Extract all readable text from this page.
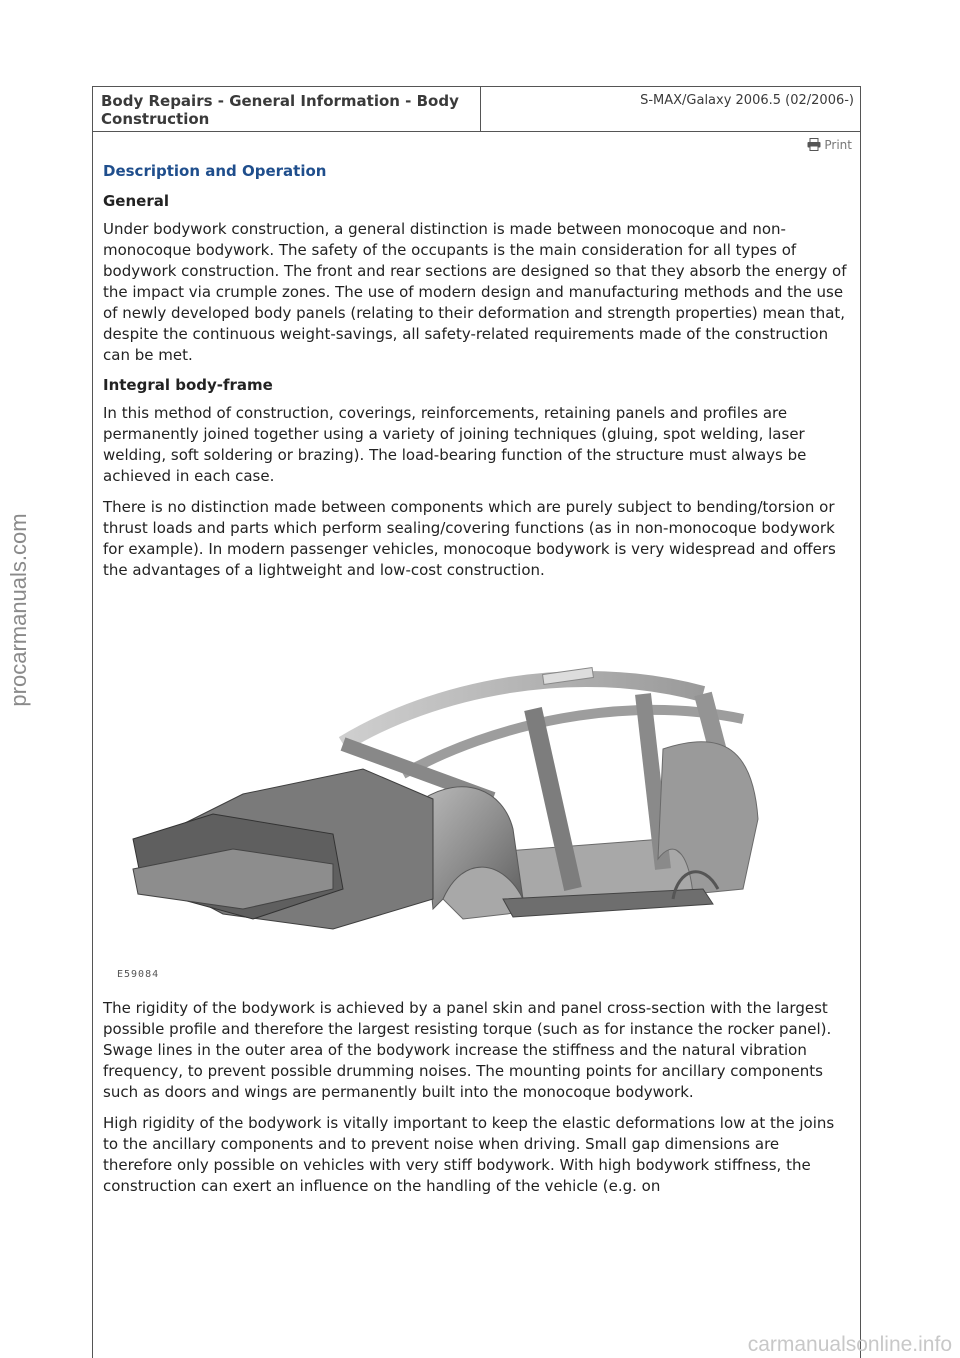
procarmanuals.com
Body Repairs - General Information - Body Construction
S-MAX/Galaxy 2006.5 (02/2006-)
Print
Description and Operation
General

Under bodywork construction, a general distinction is made between monocoque and non-monocoque bodywork. The safety of the occupants is the main consideration for all types of bodywork construction. The front and rear sections are designed so that they absorb the energy of the impact via crumple zones. The use of modern design and manufacturing methods and the use of newly developed body panels (relating to their deformation and strength properties) mean that, despite the continuous weight-savings, all safety-related requirements made of the construction can be met.

Integral body-frame

In this method of construction, coverings, reinforcements, retaining panels and profiles are permanently joined together using a variety of joining techniques (gluing, spot welding, laser welding, soft soldering or brazing). The load-bearing function of the structure must always be achieved in each case.

There is no distinction made between components which are purely subject to bending/torsion or thrust loads and parts which perform sealing/covering functions (as in non-monocoque bodywork for example). In modern passenger vehicles, monocoque bodywork is very widespread and offers the advantages of a lightweight and low-cost construction.

E59084

The rigidity of the bodywork is achieved by a panel skin and panel cross-section with the largest possible profile and therefore the largest resisting torque (such as for instance the rocker panel). Swage lines in the outer area of the bodywork increase the stiffness and the natural vibration frequency, to prevent possible drumming noises. The mounting points for ancillary components such as doors and wings are permanently built into the monocoque bodywork.

High rigidity of the bodywork is vitally important to keep the elastic deformations low at the joins to the ancillary components and to prevent noise when driving. Small gap dimensions are therefore only possible on vehicles with very stiff bodywork. With high bodywork stiffness, the construction can exert an influence on the handling of the vehicle (e.g. on

carmanualsonline.info
